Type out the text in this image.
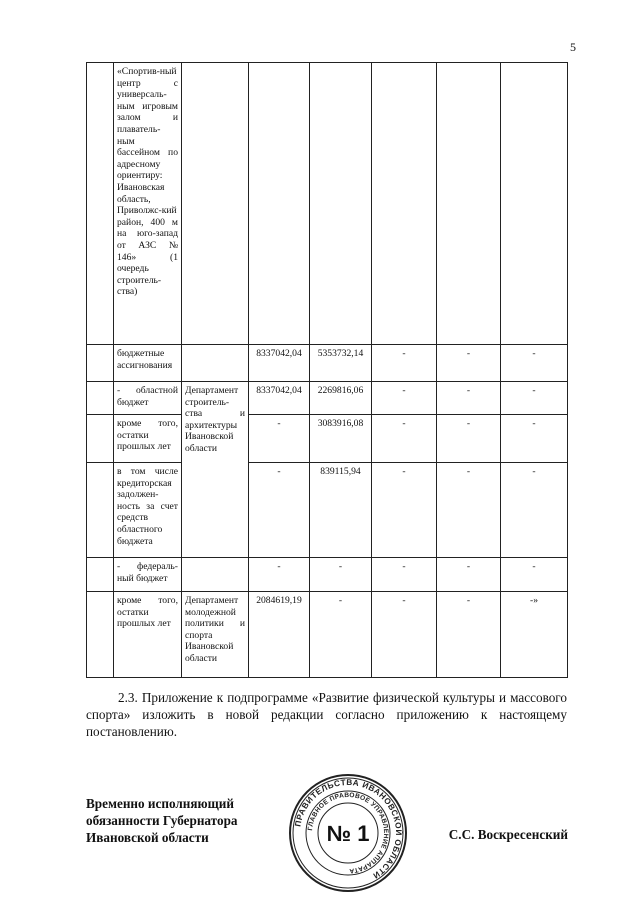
5
	«Спортив-ный центр с универсаль-ным игровым залом и плаватель-ным бассейном по адресному ориентиру: Ивановская область, Приволжс-кий район, 400 м на юго-запад от АЗС № 146» (1 очередь строитель-ства)						
	бюджетные ассигнования		8337042,04	5353732,14	-	-	-
	- областной бюджет	Департамент строитель-ства и архитектуры Ивановской области	8337042,04	2269816,06	-	-	-
	кроме того, остатки прошлых лет		-	3083916,08	-	-	-
	в том числе кредиторская задолжен-ность за счет средств областного бюджета		-	839115,94	-	-	-
	- федераль-ный бюджет		-	-	-	-	-
	кроме того, остатки прошлых лет	Департамент молодежной политики и спорта Ивановской области	2084619,19	-	-	-	-»
2.3. Приложение к подпрограмме «Развитие физической культуры и массового спорта» изложить в новой редакции согласно приложению к настоящему постановлению.
Временно исполняющий
обязанности Губернатора
Ивановской области
ПРАВИТЕЛЬСТВА ИВАНОВСКОЙ ОБЛАСТИ
ГЛАВНОЕ ПРАВОВОЕ УПРАВЛЕНИЕ АППАРАТА
№ 1	С.С. Воскресенский
